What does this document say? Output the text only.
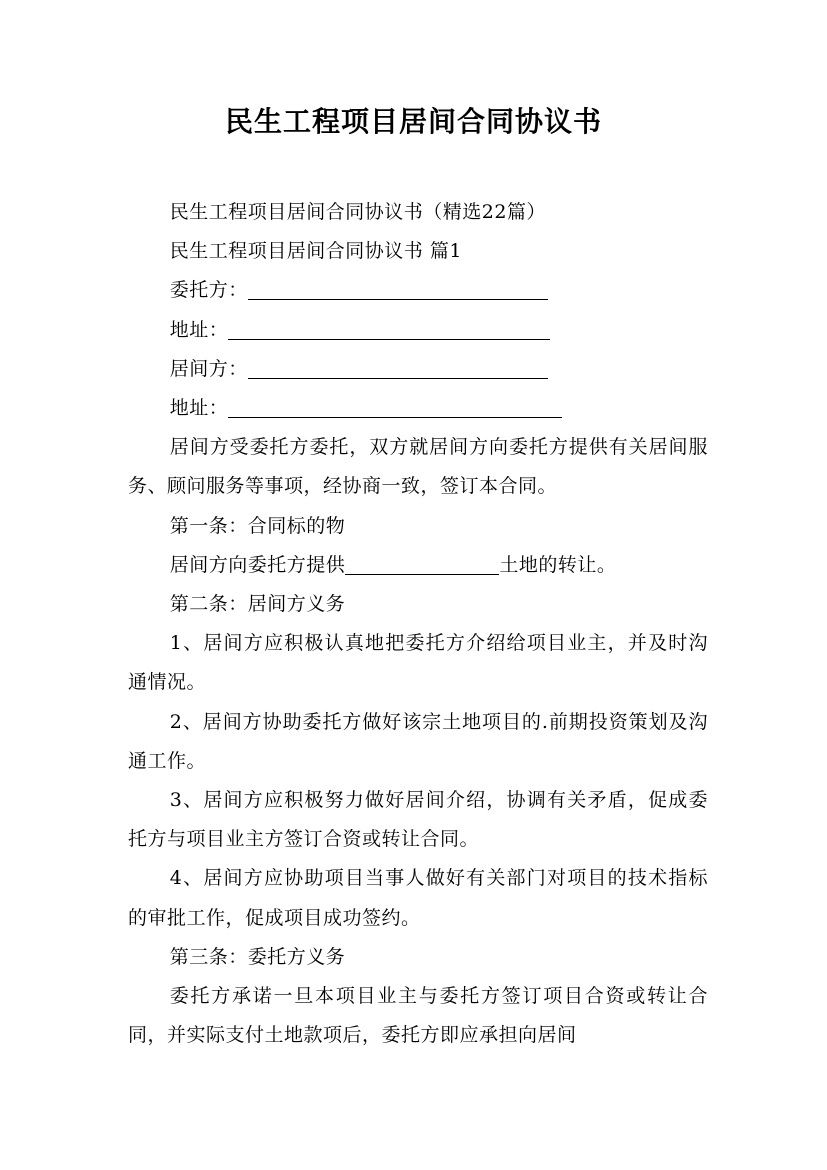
民生工程项目居间合同协议书

民生工程项目居间合同协议书（精选22篇）

民生工程项目居间合同协议书 篇1

委托方：

地址：

居间方：

地址：

居间方受委托方委托，双方就居间方向委托方提供有关居间服务、顾问服务等事项，经协商一致，签订本合同。

第一条：合同标的物

居间方向委托方提供	土地的转让。

第二条：居间方义务

1、居间方应积极认真地把委托方介绍给项目业主，并及时沟通情况。

2、居间方协助委托方做好该宗土地项目的.前期投资策划及沟通工作。

3、居间方应积极努力做好居间介绍，协调有关矛盾，促成委托方与项目业主方签订合资或转让合同。

4、居间方应协助项目当事人做好有关部门对项目的技术指标的审批工作，促成项目成功签约。

第三条：委托方义务

委托方承诺一旦本项目业主与委托方签订项目合资或转让合同，并实际支付土地款项后，委托方即应承担向居间
